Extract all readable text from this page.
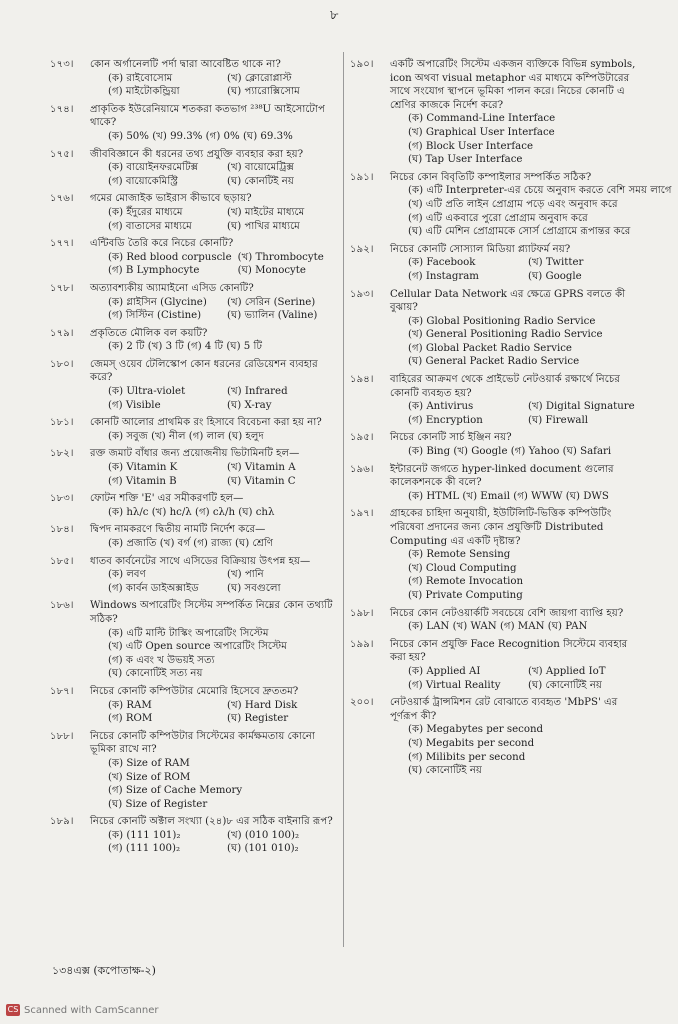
৮
১৭৩।	কোন অর্গানেলটি পর্দা দ্বারা আবেষ্টিত থাকে না?
(ক) রাইবোসোম	(খ) ক্লোরোপ্লাস্ট
(গ) মাইটোকন্ড্রিয়া	(ঘ) প্যারোক্সিসোম
১৭৪।	প্রাকৃতিক ইউরেনিয়ামে শতকরা কতভাগ ²³⁸U আইসোটোপ থাকে?
(ক) 50% (খ) 99.3% (গ) 0% (ঘ) 69.3%
১৭৫।	জীববিজ্ঞানে কী ধরনের তথ্য প্রযুক্তি ব্যবহার করা হয়?
(ক) বায়োইনফরমেটিক্স	(খ) বায়োমেট্রিক্স
(গ) বায়োকেমিস্ট্রি	(ঘ) কোনটিই নয়
১৭৬।	গমের মোজাইক ভাইরাস কীভাবে ছড়ায়?
(ক) ইঁদুরের মাধ্যমে	(খ) মাইটের মাধ্যমে
(গ) বাতাসের মাধ্যমে	(ঘ) পাখির মাধ্যমে
১৭৭।	এন্টিবডি তৈরি করে নিচের কোনটি?
(ক) Red blood corpuscle (খ) Thrombocyte
(গ) B Lymphocyte	(ঘ) Monocyte
১৭৮।	অত্যাবশ্যকীয় অ্যামাইনো এসিড কোনটি?
(ক) গ্লাইসিন (Glycine)	(খ) সেরিন (Serine)
(গ) সিস্টিন (Cistine)	(ঘ) ভ্যালিন (Valine)
১৭৯।	প্রকৃতিতে মৌলিক বল কয়টি?
(ক) 2 টি (খ) 3 টি (গ) 4 টি (ঘ) 5 টি
১৮০।	জেমস্ ওয়েব টেলিস্কোপ কোন ধরনের রেডিয়েশন ব্যবহার করে?
(ক) Ultra-violet	(খ) Infrared
(গ) Visible	(ঘ) X-ray
১৮১।	কোনটি আলোর প্রাথমিক রং হিসাবে বিবেচনা করা হয় না?
(ক) সবুজ (খ) নীল (গ) লাল (ঘ) হলুদ
১৮২।	রক্ত জমাট বাঁধার জন্য প্রয়োজনীয় ভিটামিনটি হল—
(ক) Vitamin K	(খ) Vitamin A
(গ) Vitamin B	(ঘ) Vitamin C
১৮৩।	ফোটন শক্তি 'E' এর সমীকরণটি হল—
(ক) hλ/c (খ) hc/λ (গ) cλ/h (ঘ) chλ
১৮৪।	দ্বিপদ নামকরণে দ্বিতীয় নামটি নির্দেশ করে—
(ক) প্রজাতি (খ) বর্গ (গ) রাজ্য (ঘ) শ্রেণি
১৮৫।	ধাতব কার্বনেটের সাথে এসিডের বিক্রিয়ায় উৎপন্ন হয়—
(ক) লবণ	(খ) পানি
(গ) কার্বন ডাইঅক্সাইড	(ঘ) সবগুলো
১৮৬।	Windows অপারেটিং সিস্টেম সম্পর্কিত নিম্নের কোন তথ্যটি সঠিক?
(ক) এটি মাল্টি টাস্কিং অপারেটিং সিস্টেম
(খ) এটি Open source অপারেটিং সিস্টেম
(গ) ক এবং খ উভয়ই সত্য
(ঘ) কোনোটিই সত্য নয়
১৮৭।	নিচের কোনটি কম্পিউটার মেমোরি হিসেবে দ্রুততম?
(ক) RAM	(খ) Hard Disk
(গ) ROM	(ঘ) Register
১৮৮।	নিচের কোনটি কম্পিউটার সিস্টেমের কার্মক্ষমতায় কোনো ভূমিকা রাখে না?
(ক) Size of RAM
(খ) Size of ROM
(গ) Size of Cache Memory
(ঘ) Size of Register
১৮৯।	নিচের কোনটি অক্টাল সংখ্যা (২৪)৮ এর সঠিক বাইনারি রূপ?
(ক) (111 101)₂	(খ) (010 100)₂
(গ) (111 100)₂	(ঘ) (101 010)₂
১৯০।	একটি অপারেটিং সিস্টেম একজন ব্যক্তিকে বিভিন্ন symbols, icon অথবা visual metaphor এর মাধ্যমে কম্পিউটারের সাথে সংযোগ স্থাপনে ভূমিকা পালন করে। নিচের কোনটি এ শ্রেণির কাজকে নির্দেশ করে?
(ক) Command-Line Interface
(খ) Graphical User Interface
(গ) Block User Interface
(ঘ) Tap User Interface
১৯১।	নিচের কোন বিবৃতিটি কম্পাইলার সম্পর্কিত সঠিক?
(ক) এটি Interpreter-এর চেয়ে অনুবাদ করতে বেশি সময় লাগে
(খ) এটি প্রতি লাইন প্রোগ্রাম পড়ে এবং অনুবাদ করে
(গ) এটি একবারে পুরো প্রোগ্রাম অনুবাদ করে
(ঘ) এটি মেশিন প্রোগ্রামকে সোর্স প্রোগ্রামে রূপান্তর করে
১৯২।	নিচের কোনটি সোস্যাল মিডিয়া প্ল্যাটফর্ম নয়?
(ক) Facebook	(খ) Twitter
(গ) Instagram	(ঘ) Google
১৯৩।	Cellular Data Network এর ক্ষেত্রে GPRS বলতে কী বুঝায়?
(ক) Global Positioning Radio Service
(খ) General Positioning Radio Service
(গ) Global Packet Radio Service
(ঘ) General Packet Radio Service
১৯৪।	বাহিরের আক্রমণ থেকে প্রাইভেট নেটওয়ার্ক রক্ষার্থে নিচের কোনটি ব্যবহৃত হয়?
(ক) Antivirus	(খ) Digital Signature
(গ) Encryption	(ঘ) Firewall
১৯৫।	নিচের কোনটি সার্চ ইঞ্জিন নয়?
(ক) Bing (খ) Google (গ) Yahoo (ঘ) Safari
১৯৬।	ইন্টারনেট জগতে hyper-linked document গুলোর কালেকশনকে কী বলে?
(ক) HTML (খ) Email (গ) WWW (ঘ) DWS
১৯৭।	গ্রাহকের চাহিদা অনুযায়ী, ইউটিলিটি-ভিত্তিক কম্পিউটিং পরিষেবা প্রদানের জন্য কোন প্রযুক্তিটি Distributed Computing এর একটি দৃষ্টান্ত?
(ক) Remote Sensing
(খ) Cloud Computing
(গ) Remote Invocation
(ঘ) Private Computing
১৯৮।	নিচের কোন নেটওয়ার্কটি সবচেয়ে বেশি জায়গা ব্যাপ্তি হয়?
(ক) LAN (খ) WAN (গ) MAN (ঘ) PAN
১৯৯।	নিচের কোন প্রযুক্তি Face Recognition সিস্টেমে ব্যবহার করা হয়?
(ক) Applied AI	(খ) Applied IoT
(গ) Virtual Reality	(ঘ) কোনোটিই নয়
২০০।	নেটওয়ার্ক ট্রান্সমিশন রেট বোঝাতে ব্যবহৃত 'MbPS' এর পূর্ণরূপ কী?
(ক) Megabytes per second
(খ) Megabits per second
(গ) Milibits per second
(ঘ) কোনোটিই নয়
১৩৪এক্স (কপোতাক্ষ-২)
CS Scanned with CamScanner
